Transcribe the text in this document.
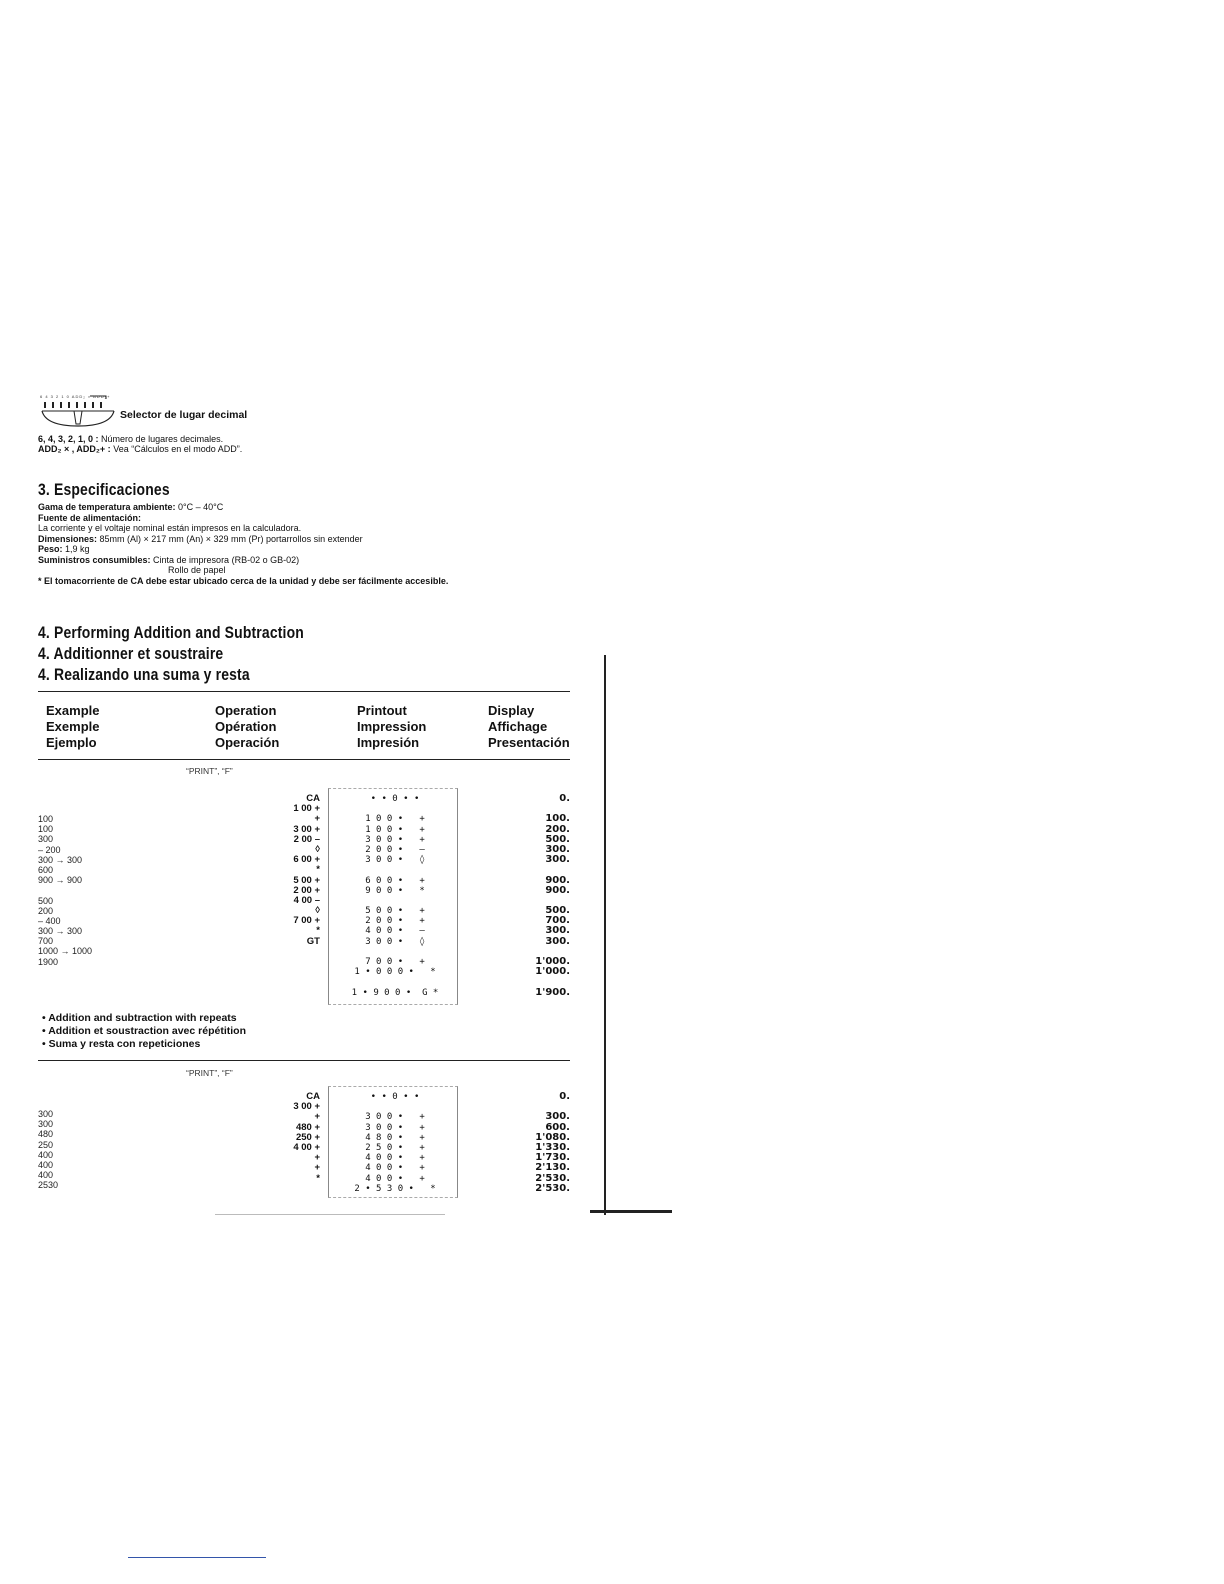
6 4 3 2 1 0 ADD₂ × ADD₂+
Selector de lugar decimal
6, 4, 3, 2, 1, 0 : Número de lugares decimales.
ADD₂ × , ADD₂+ : Vea “Cálculos en el modo ADD”.
3. Especificaciones
Gama de temperatura ambiente: 0°C – 40°C
Fuente de alimentación:
La corriente y el voltaje nominal están impresos en la calculadora.
Dimensiones: 85mm (Al) × 217 mm (An) × 329 mm (Pr) portarrollos sin extender
Peso: 1,9 kg
Suministros consumibles: Cinta de impresora (RB-02 o GB-02)
Rollo de papel
* El tomacorriente de CA debe estar ubicado cerca de la unidad y debe ser fácilmente accesible.
4. Performing Addition and Subtraction
4. Additionner et soustraire
4. Realizando una suma y resta
Example
Exemple
Ejemplo
Operation
Opération
Operación
Printout
Impression
Impresión
Display
Affichage
Presentación
“PRINT”, “F”
100
100
300
– 200
300 → 300
600
900 → 900
500
200
– 400
300 → 300
700
1000 → 1000
1900
CA
1 00 +
+
3 00 +
2 00 –
◊
6 00 +
*
5 00 +
2 00 +
4 00 –
◊
7 00 +
*
GT
• • 0 • •
1 0 0 •   +
1 0 0 •   +
3 0 0 •   +
2 0 0 •   –
3 0 0 •   ◊
6 0 0 •   +
9 0 0 •   *
5 0 0 •   +
2 0 0 •   +
4 0 0 •   –
3 0 0 •   ◊
7 0 0 •   +
1 • 0 0 0 •   *
1 • 9 0 0 •  G *
0.
100.
200.
500.
300.
300.
900.
900.
500.
700.
300.
300.
1'000.
1'000.
1'900.
• Addition and subtraction with repeats
• Addition et soustraction avec répétition
• Suma y resta con repeticiones
“PRINT”, “F”
300
300
480
250
400
400
400
2530
CA
3 00 +
+
480 +
250 +
4 00 +
+
+
*
• • 0 • •
3 0 0 •   +
3 0 0 •   +
4 8 0 •   +
2 5 0 •   +
4 0 0 •   +
4 0 0 •   +
4 0 0 •   +
2 • 5 3 0 •   *
0.
300.
600.
1'080.
1'330.
1'730.
2'130.
2'530.
2'530.
